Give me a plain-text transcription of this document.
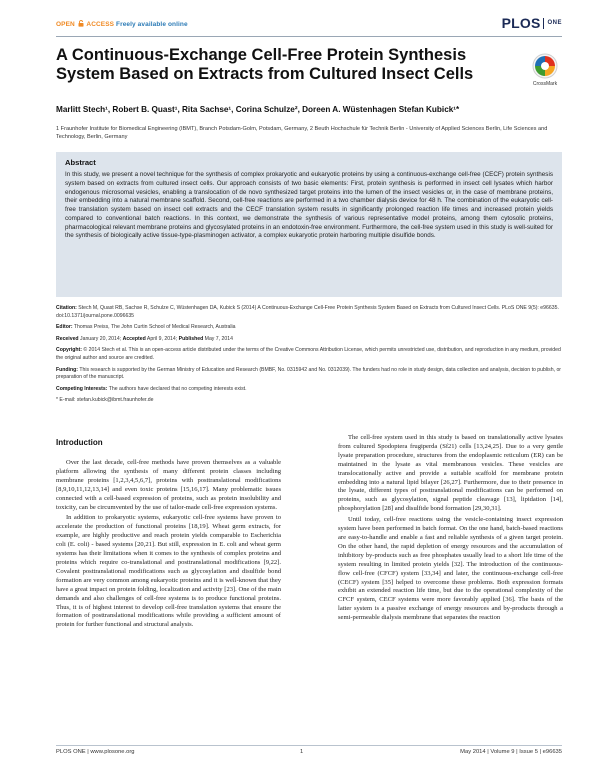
OPEN ACCESS Freely available online	PLOS ONE
A Continuous-Exchange Cell-Free Protein Synthesis System Based on Extracts from Cultured Insect Cells
CrossMark
Marlitt Stech¹, Robert B. Quast¹, Rita Sachse¹, Corina Schulze², Doreen A. Wüstenhagen Stefan Kubick¹*
1 Fraunhofer Institute for Biomedical Engineering (IBMT), Branch Potsdam-Golm, Potsdam, Germany, 2 Beuth Hochschule für Technik Berlin - University of Applied Sciences Berlin, Life Sciences and Technology, Berlin, Germany
Abstract
In this study, we present a novel technique for the synthesis of complex prokaryotic and eukaryotic proteins by using a continuous-exchange cell-free (CECF) protein synthesis system based on extracts from cultured insect cells. Our approach consists of two basic elements: First, protein synthesis is performed in insect cell lysates which harbor endogenous microsomal vesicles, enabling a translocation of de novo synthesized target proteins into the lumen of the insect vesicles or, in the case of membrane proteins, their embedding into a natural membrane scaffold. Second, cell-free reactions are performed in a two chamber dialysis device for 48 h. The combination of the eukaryotic cell-free translation system based on insect cell extracts and the CECF translation system results in significantly prolonged reaction life times and increased protein yields compared to conventional batch reactions. In this context, we demonstrate the synthesis of various representative model proteins, among them cytosolic proteins, pharmacological relevant membrane proteins and glycosylated proteins in an endotoxin-free environment. Furthermore, the cell-free system used in this study is well-suited for the synthesis of biologically active tissue-type-plasminogen activator, a complex eukaryotic protein harboring multiple disulfide bonds.

Citation: Stech M, Quast RB, Sachse R, Schulze C, Wüstenhagen DA, Kubick S (2014) A Continuous-Exchange Cell-Free Protein Synthesis System Based on Extracts from Cultured Insect Cells. PLoS ONE 9(5): e96635. doi:10.1371/journal.pone.0096635

Editor: Thomas Preiss, The John Curtin School of Medical Research, Australia

Received January 20, 2014; Accepted April 9, 2014; Published May 7, 2014

Copyright: © 2014 Stech et al. This is an open-access article distributed under the terms of the Creative Commons Attribution License, which permits unrestricted use, distribution, and reproduction in any medium, provided the original author and source are credited.

Funding: This research is supported by the German Ministry of Education and Research (BMBF, No. 0315942 and No. 0312039). The funders had no role in study design, data collection and analysis, decision to publish, or preparation of the manuscript.

Competing Interests: The authors have declared that no competing interests exist.

* E-mail: stefan.kubick@ibmt.fraunhofer.de

Introduction

Over the last decade, cell-free methods have proven themselves as a valuable platform allowing the synthesis of many different protein classes including membrane proteins [1,2,3,4,5,6,7], proteins with posttranslational modifications [8,9,10,11,12,13,14] and even toxic proteins [15,16,17]. Many problematic issues connected with a cell-based expression of proteins, such as protein insolubility and toxicity, can be circumvented by the use of tailor-made cell-free expression systems.

In addition to prokaryotic systems, eukaryotic cell-free systems have proven to accelerate the production of functional proteins [18,19]. Wheat germ extracts, for example, are highly productive and reach protein yields comparable to Escherichia coli (E. coli) - based systems [20,21]. But still, expression in E. coli and wheat germ systems has their limitations when it comes to the synthesis of complex proteins and proteins which require co-translational and posttranslational modifications [9,22]. Covalent posttranslational modifications such as glycosylation and disulfide bond formation are very common among eukaryotic proteins and it is well-known that they have a great impact on protein folding, localization and activity [23]. One of the main demands and also challenges of cell-free systems is to produce functional proteins. Thus, it is of highest interest to develop cell-free translation systems that ensure the formation of posttranslational modifications while providing a sufficient amount of protein for further functional and structural analysis.

The cell-free system used in this study is based on translationally active lysates from cultured Spodoptera frugiperda (Sf21) cells [13,24,25]. Due to a very gentle lysate preparation procedure, structures from the endoplasmic reticulum (ER) can be maintained in the lysate as vital membranous vesicles. These vesicles are translocationally active and provide a suitable scaffold for membrane protein embedding into a natural lipid bilayer [26,27]. Furthermore, due to their presence in the lysate, different types of posttranslational modifications can be performed on proteins, such as glycosylation, signal peptide cleavage [13], lipidation [14], phosphorylation [28] and disulfide bond formation [29,30,31].

Until today, cell-free reactions using the vesicle-containing insect expression system have been performed in batch format. On the one hand, batch-based reactions are easy-to-handle and enable a fast and reliable synthesis of a given target protein. On the other hand, the rapid depletion of energy resources and the accumulation of inhibitory by-products such as free phosphates usually lead to a short life time of the system resulting in limited protein yields [32]. The introduction of the continuous-flow cell-free (CFCF) system [33,34] and later, the continuous-exchange cell-free (CECF) system [35] helped to overcome these problems. Both expression formats exhibit an extended reaction life time, but due to the operational complexity of the CFCF system, CECF systems were more favorably applied [36]. The basis of the latter system is a passive exchange of energy resources and by-products through a semi-permeable dialysis membrane that separates the reaction

PLOS ONE | www.plosone.org	1	May 2014 | Volume 9 | Issue 5 | e96635
